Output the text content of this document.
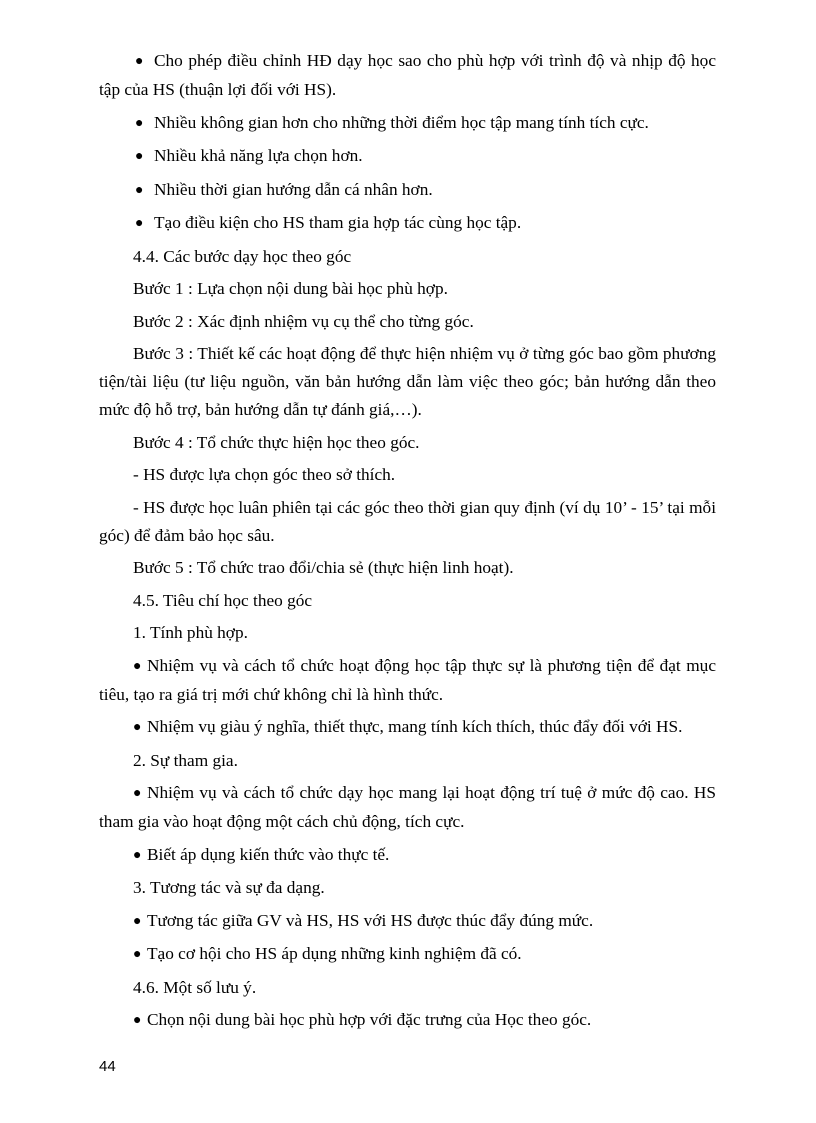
● Cho phép điều chỉnh HĐ dạy học sao cho phù hợp với trình độ và nhịp độ học tập của HS (thuận lợi đối với HS).

● Nhiều không gian hơn cho những thời điểm học tập mang tính tích cực.

● Nhiều khả năng lựa chọn hơn.

● Nhiều thời gian hướng dẫn cá nhân hơn.

● Tạo điều kiện cho HS tham gia hợp tác cùng học tập.

4.4. Các bước dạy học theo góc

Bước 1 : Lựa chọn nội dung bài học phù hợp.

Bước 2 : Xác định nhiệm vụ cụ thể cho từng góc.

Bước 3 : Thiết kế các hoạt động để thực hiện nhiệm vụ ở từng góc bao gồm phương tiện/tài liệu (tư liệu nguồn, văn bản hướng dẫn làm việc theo góc; bản hướng dẫn theo mức độ hỗ trợ, bản hướng dẫn tự đánh giá,…).

Bước 4 : Tổ chức thực hiện học theo góc.

- HS được lựa chọn góc theo sở thích.

- HS được học luân phiên tại các góc theo thời gian quy định (ví dụ 10’ - 15’ tại mỗi góc) để đảm bảo học sâu.

Bước 5 : Tổ chức trao đổi/chia sẻ (thực hiện linh hoạt).

4.5. Tiêu chí học theo góc

1. Tính phù hợp.

● Nhiệm vụ và cách tổ chức hoạt động học tập thực sự là phương tiện để đạt mục tiêu, tạo ra giá trị mới chứ không chỉ là hình thức.

● Nhiệm vụ giàu ý nghĩa, thiết thực, mang tính kích thích, thúc đẩy đối với HS.

2. Sự tham gia.

● Nhiệm vụ và cách tổ chức dạy học mang lại hoạt động trí tuệ ở mức độ cao. HS tham gia vào hoạt động một cách chủ động, tích cực.

● Biết áp dụng kiến thức vào thực tế.

3. Tương tác và sự đa dạng.

● Tương tác giữa GV và HS, HS với HS được thúc đẩy đúng mức.

● Tạo cơ hội cho HS áp dụng những kinh nghiệm đã có.

4.6. Một số lưu ý.

● Chọn nội dung bài học phù hợp với đặc trưng của Học theo góc.

44
